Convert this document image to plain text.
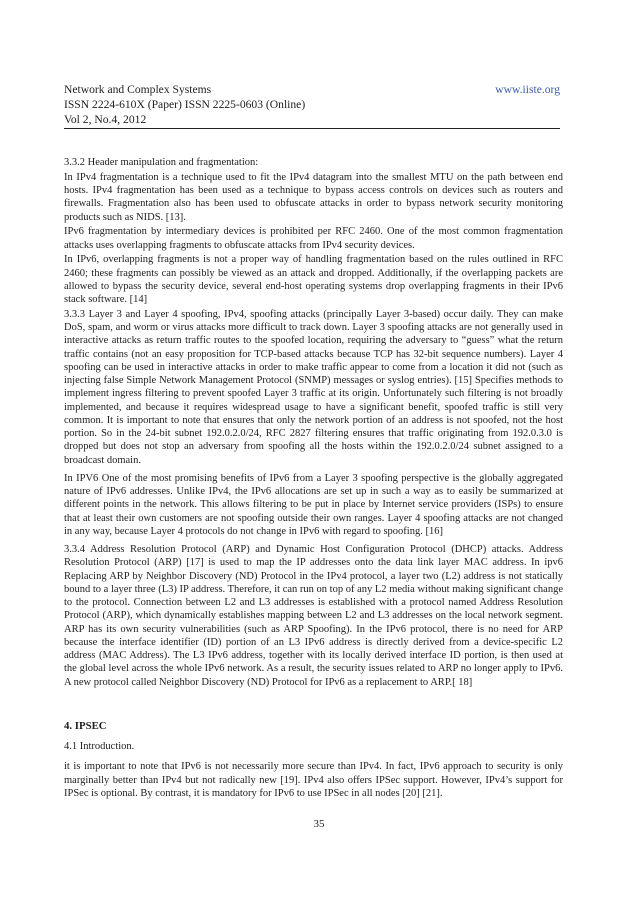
Network and Complex Systems
ISSN 2224-610X (Paper) ISSN 2225-0603 (Online)
Vol 2, No.4, 2012
www.iiste.org

3.3.2 Header manipulation and fragmentation:

In IPv4 fragmentation is a technique used to fit the IPv4 datagram into the smallest MTU on the path between end hosts. IPv4 fragmentation has been used as a technique to bypass access controls on devices such as routers and firewalls. Fragmentation also has been used to obfuscate attacks in order to bypass network security monitoring products such as NIDS. [13].

IPv6 fragmentation by intermediary devices is prohibited per RFC 2460. One of the most common fragmentation attacks uses overlapping fragments to obfuscate attacks from IPv4 security devices.

In IPv6, overlapping fragments is not a proper way of handling fragmentation based on the rules outlined in RFC 2460; these fragments can possibly be viewed as an attack and dropped. Additionally, if the overlapping packets are allowed to bypass the security device, several end-host operating systems drop overlapping fragments in their IPv6 stack software. [14]

3.3.3 Layer 3 and Layer 4 spoofing, IPv4, spoofing attacks (principally Layer 3-based) occur daily. They can make DoS, spam, and worm or virus attacks more difficult to track down. Layer 3 spoofing attacks are not generally used in interactive attacks as return traffic routes to the spoofed location, requiring the adversary to “guess” what the return traffic contains (not an easy proposition for TCP-based attacks because TCP has 32-bit sequence numbers). Layer 4 spoofing can be used in interactive attacks in order to make traffic appear to come from a location it did not (such as injecting false Simple Network Management Protocol (SNMP) messages or syslog entries). [15] Specifies methods to implement ingress filtering to prevent spoofed Layer 3 traffic at its origin. Unfortunately such filtering is not broadly implemented, and because it requires widespread usage to have a significant benefit, spoofed traffic is still very common. It is important to note that ensures that only the network portion of an address is not spoofed, not the host portion. So in the 24-bit subnet 192.0.2.0/24, RFC 2827 filtering ensures that traffic originating from 192.0.3.0 is dropped but does not stop an adversary from spoofing all the hosts within the 192.0.2.0/24 subnet assigned to a broadcast domain.

In IPV6 One of the most promising benefits of IPv6 from a Layer 3 spoofing perspective is the globally aggregated nature of IPv6 addresses. Unlike IPv4, the IPv6 allocations are set up in such a way as to easily be summarized at different points in the network. This allows filtering to be put in place by Internet service providers (ISPs) to ensure that at least their own customers are not spoofing outside their own ranges. Layer 4 spoofing attacks are not changed in any way, because Layer 4 protocols do not change in IPv6 with regard to spoofing. [16]

3.3.4 Address Resolution Protocol (ARP) and Dynamic Host Configuration Protocol (DHCP) attacks. Address Resolution Protocol (ARP) [17] is used to map the IP addresses onto the data link layer MAC address. In ipv6 Replacing ARP by Neighbor Discovery (ND) Protocol in the IPv4 protocol, a layer two (L2) address is not statically bound to a layer three (L3) IP address. Therefore, it can run on top of any L2 media without making significant change to the protocol. Connection between L2 and L3 addresses is established with a protocol named Address Resolution Protocol (ARP), which dynamically establishes mapping between L2 and L3 addresses on the local network segment. ARP has its own security vulnerabilities (such as ARP Spoofing). In the IPv6 protocol, there is no need for ARP because the interface identifier (ID) portion of an L3 IPv6 address is directly derived from a device-specific L2 address (MAC Address). The L3 IPv6 address, together with its locally derived interface ID portion, is then used at the global level across the whole IPv6 network. As a result, the security issues related to ARP no longer apply to IPv6. A new protocol called Neighbor Discovery (ND) Protocol for IPv6 as a replacement to ARP.[ 18]

4. IPSEC

4.1 Introduction.

it is important to note that IPv6 is not necessarily more secure than IPv4. In fact, IPv6 approach to security is only marginally better than IPv4 but not radically new [19]. IPv4 also offers IPSec support. However, IPv4’s support for IPSec is optional. By contrast, it is mandatory for IPv6 to use IPSec in all nodes [20] [21].

35
